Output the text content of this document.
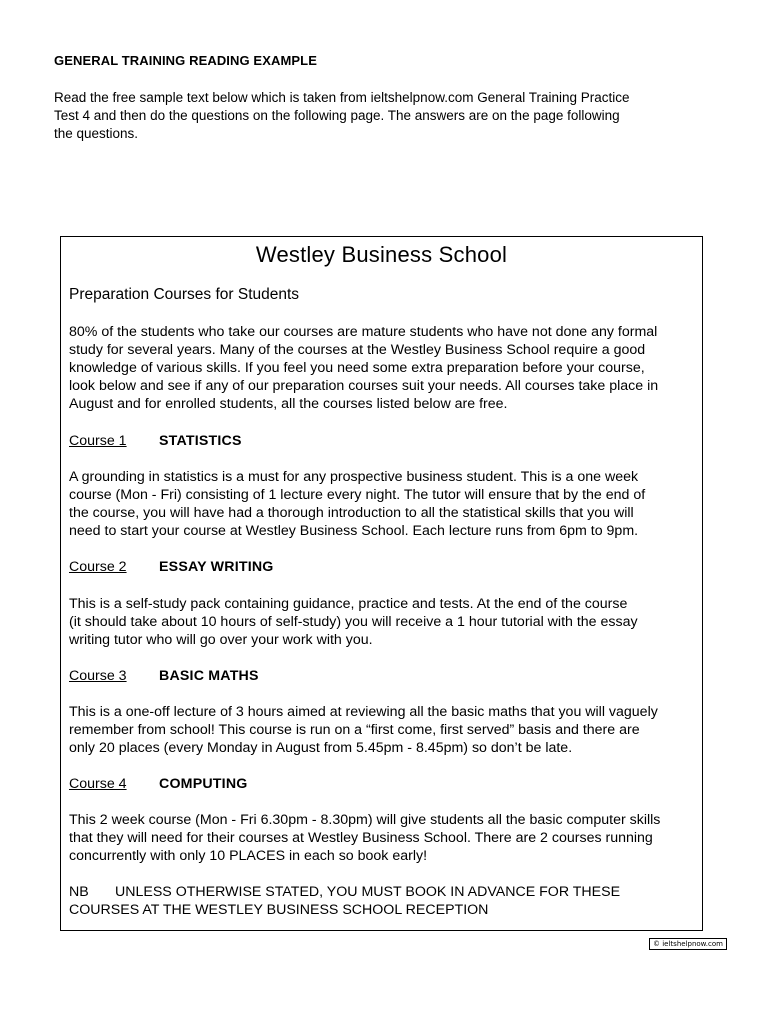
GENERAL TRAINING READING EXAMPLE
Read the free sample text below which is taken from ieltshelpnow.com General Training Practice
Test 4 and then do the questions on the following page. The answers are on the page following
the questions.
Westley Business School
Preparation Courses for Students
80% of the students who take our courses are mature students who have not done any formal
study for several years. Many of the courses at the Westley Business School require a good
knowledge of various skills. If you feel you need some extra preparation before your course,
look below and see if any of our preparation courses suit your needs. All courses take place in
August and for enrolled students, all the courses listed below are free.
Course 1 STATISTICS
A grounding in statistics is a must for any prospective business student. This is a one week
course (Mon - Fri) consisting of 1 lecture every night. The tutor will ensure that by the end of
the course, you will have had a thorough introduction to all the statistical skills that you will
need to start your course at Westley Business School. Each lecture runs from 6pm to 9pm.
Course 2 ESSAY WRITING
This is a self-study pack containing guidance, practice and tests. At the end of the course
(it should take about 10 hours of self-study) you will receive a 1 hour tutorial with the essay
writing tutor who will go over your work with you.
Course 3 BASIC MATHS
This is a one-off lecture of 3 hours aimed at reviewing all the basic maths that you will vaguely
remember from school! This course is run on a “first come, first served” basis and there are
only 20 places (every Monday in August from 5.45pm - 8.45pm) so don’t be late.
Course 4 COMPUTING
This 2 week course (Mon - Fri 6.30pm - 8.30pm) will give students all the basic computer skills
that they will need for their courses at Westley Business School. There are 2 courses running
concurrently with only 10 PLACES in each so book early!
NB UNLESS OTHERWISE STATED, YOU MUST BOOK IN ADVANCE FOR THESE
COURSES AT THE WESTLEY BUSINESS SCHOOL RECEPTION
© ieltshelpnow.com
